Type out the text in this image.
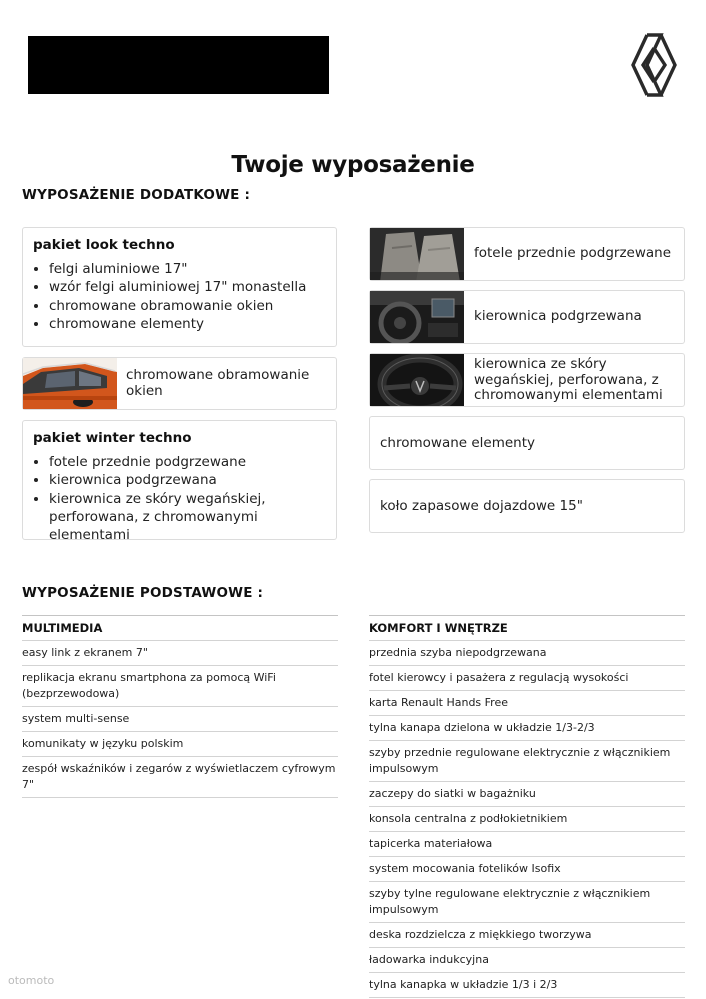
Twoje wyposażenie
WYPOSAŻENIE DODATKOWE :
pakiet look techno
• felgi aluminiowe 17"
• wzór felgi aluminiowej 17" monastella
• chromowane obramowanie okien
• chromowane elementy
chromowane obramowanie okien
pakiet winter techno
• fotele przednie podgrzewane
• kierownica podgrzewana
• kierownica ze skóry wegańskiej, perforowana, z chromowanymi elementami
fotele przednie podgrzewane
kierownica podgrzewana
kierownica ze skóry wegańskiej, perforowana, z chromowanymi elementami
chromowane elementy
koło zapasowe dojazdowe 15"
WYPOSAŻENIE PODSTAWOWE :
MULTIMEDIA
easy link z ekranem 7"
replikacja ekranu smartphona za pomocą WiFi (bezprzewodowa)
system multi-sense
komunikaty w języku polskim
zespół wskaźników i zegarów z wyświetlaczem cyfrowym 7"
KOMFORT I WNĘTRZE
przednia szyba niepodgrzewana
fotel kierowcy i pasażera z regulacją wysokości
karta Renault Hands Free
tylna kanapa dzielona w układzie 1/3-2/3
szyby przednie regulowane elektrycznie z włącznikiem impulsowym
zaczepy do siatki w bagażniku
konsola centralna z podłokietnikiem
tapicerka materiałowa
system mocowania fotelików Isofix
szyby tylne regulowane elektrycznie z włącznikiem impulsowym
deska rozdzielcza z miękkiego tworzywa
ładowarka indukcyjna
tylna kanapka w układzie 1/3 i 2/3
otomoto
